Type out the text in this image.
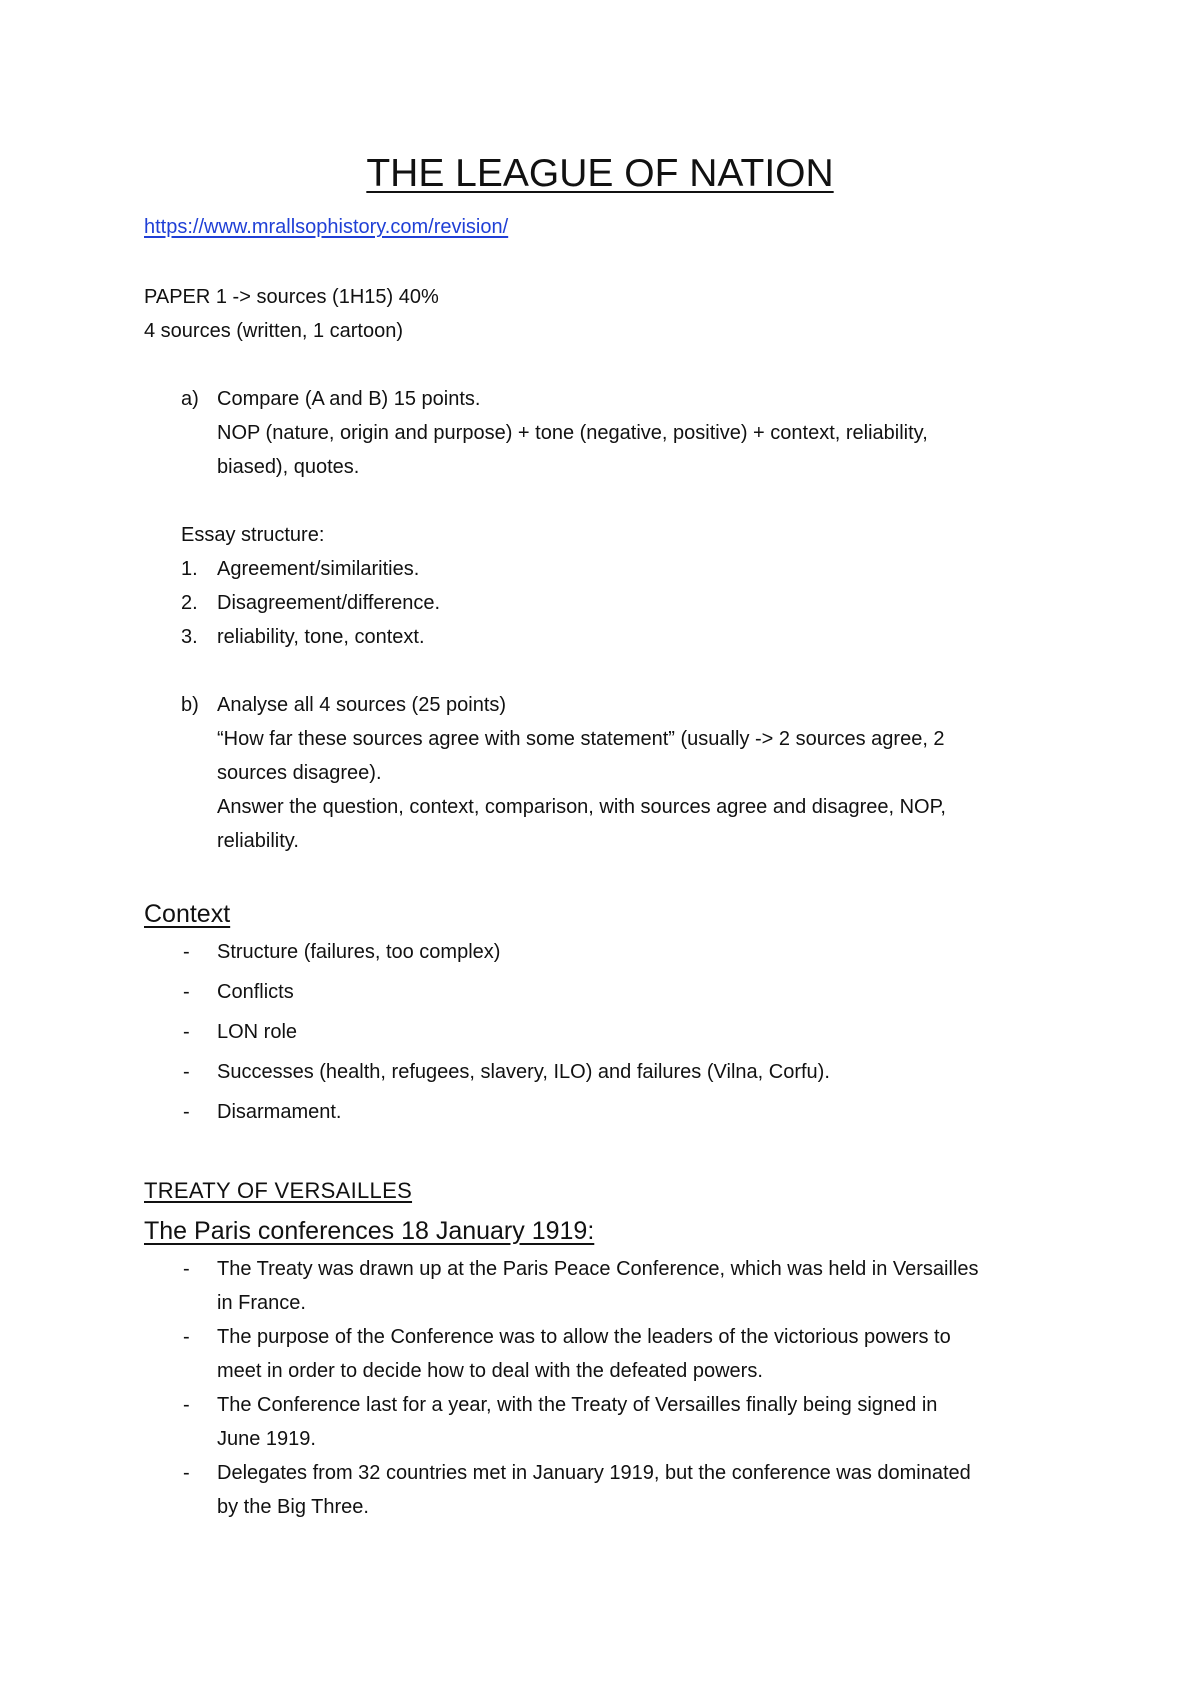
THE LEAGUE OF NATION
https://www.mrallsophistory.com/revision/
PAPER 1 -> sources (1H15) 40%
4 sources (written, 1 cartoon)
a) Compare (A and B) 15 points.
NOP (nature, origin and purpose) + tone (negative, positive) + context, reliability,
biased), quotes.
Essay structure:
1. Agreement/similarities.
2. Disagreement/difference.
3. reliability, tone, context.
b) Analyse all 4 sources (25 points)
“How far these sources agree with some statement” (usually -> 2 sources agree, 2
sources disagree).
Answer the question, context, comparison, with sources agree and disagree, NOP,
reliability.
Context
- Structure (failures, too complex)
- Conflicts
- LON role
- Successes (health, refugees, slavery, ILO) and failures (Vilna, Corfu).
- Disarmament.
TREATY OF VERSAILLES
The Paris conferences 18 January 1919:
- The Treaty was drawn up at the Paris Peace Conference, which was held in Versailles
in France.
- The purpose of the Conference was to allow the leaders of the victorious powers to
meet in order to decide how to deal with the defeated powers.
- The Conference last for a year, with the Treaty of Versailles finally being signed in
June 1919.
- Delegates from 32 countries met in January 1919, but the conference was dominated
by the Big Three.
